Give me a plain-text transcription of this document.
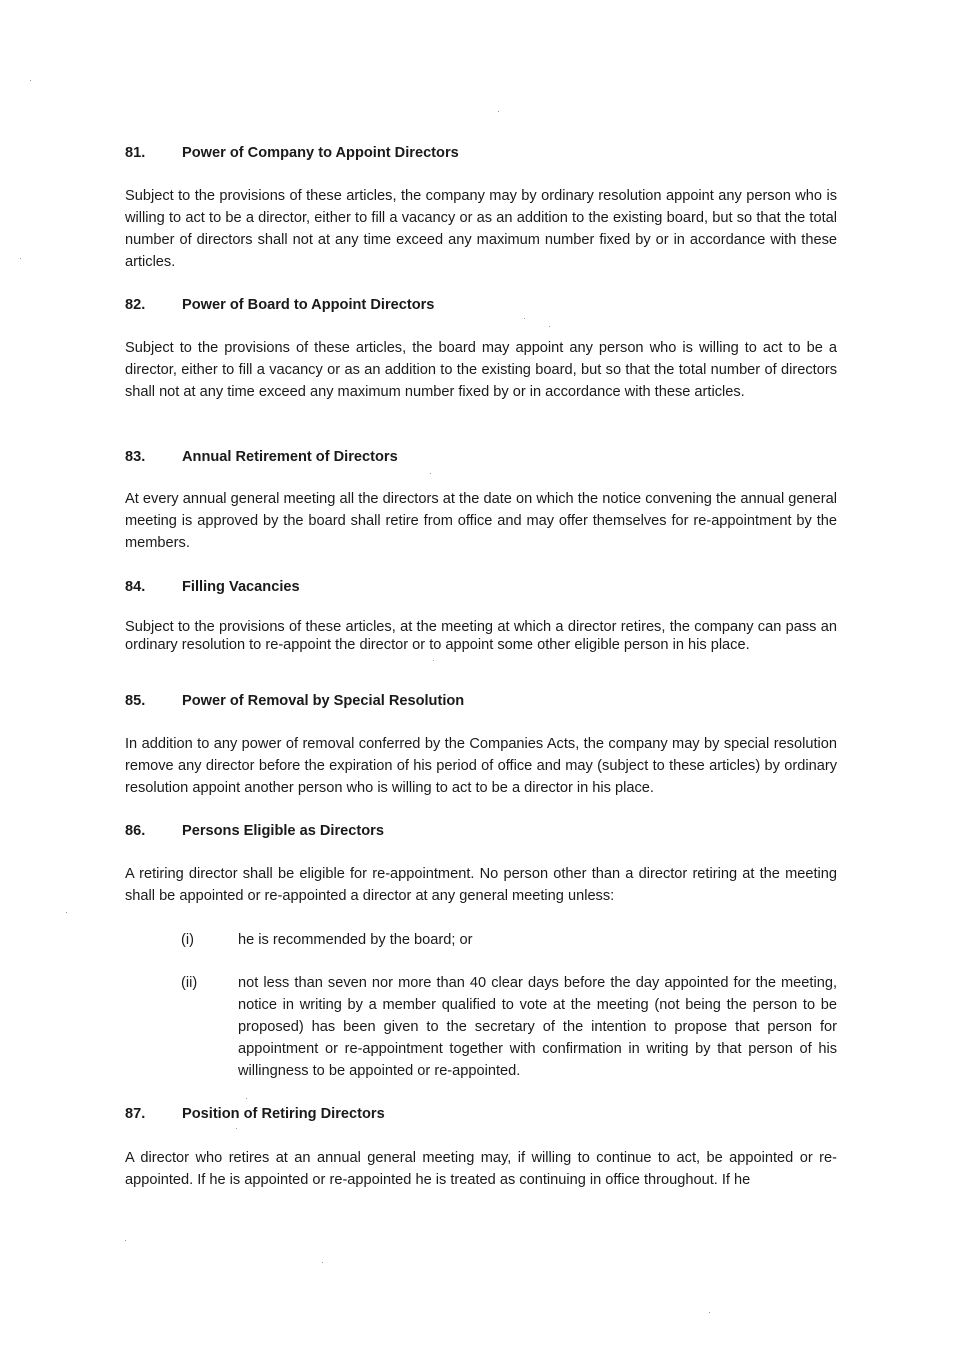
81.	Power of Company to Appoint Directors

Subject to the provisions of these articles, the company may by ordinary resolution appoint any person who is willing to act to be a director, either to fill a vacancy or as an addition to the existing board, but so that the total number of directors shall not at any time exceed any maximum number fixed by or in accordance with these articles.

82.	Power of Board to Appoint Directors

Subject to the provisions of these articles, the board may appoint any person who is willing to act to be a director, either to fill a vacancy or as an addition to the existing board, but so that the total number of directors shall not at any time exceed any maximum number fixed by or in accordance with these articles.

83.	Annual Retirement of Directors

At every annual general meeting all the directors at the date on which the notice convening the annual general meeting is approved by the board shall retire from office and may offer themselves for re-appointment by the members.

84.	Filling Vacancies

Subject to the provisions of these articles, at the meeting at which a director retires, the company can pass an ordinary resolution to re-appoint the director or to appoint some other eligible person in his place.

85.	Power of Removal by Special Resolution

In addition to any power of removal conferred by the Companies Acts, the company may by special resolution remove any director before the expiration of his period of office and may (subject to these articles) by ordinary resolution appoint another person who is willing to act to be a director in his place.

86.	Persons Eligible as Directors

A retiring director shall be eligible for re-appointment. No person other than a director retiring at the meeting shall be appointed or re-appointed a director at any general meeting unless:

(i)	he is recommended by the board; or

(ii)	not less than seven nor more than 40 clear days before the day appointed for the meeting, notice in writing by a member qualified to vote at the meeting (not being the person to be proposed) has been given to the secretary of the intention to propose that person for appointment or re-appointment together with confirmation in writing by that person of his willingness to be appointed or re-appointed.

87.	Position of Retiring Directors

A director who retires at an annual general meeting may, if willing to continue to act, be appointed or re-appointed. If he is appointed or re-appointed he is treated as continuing in office throughout. If he
